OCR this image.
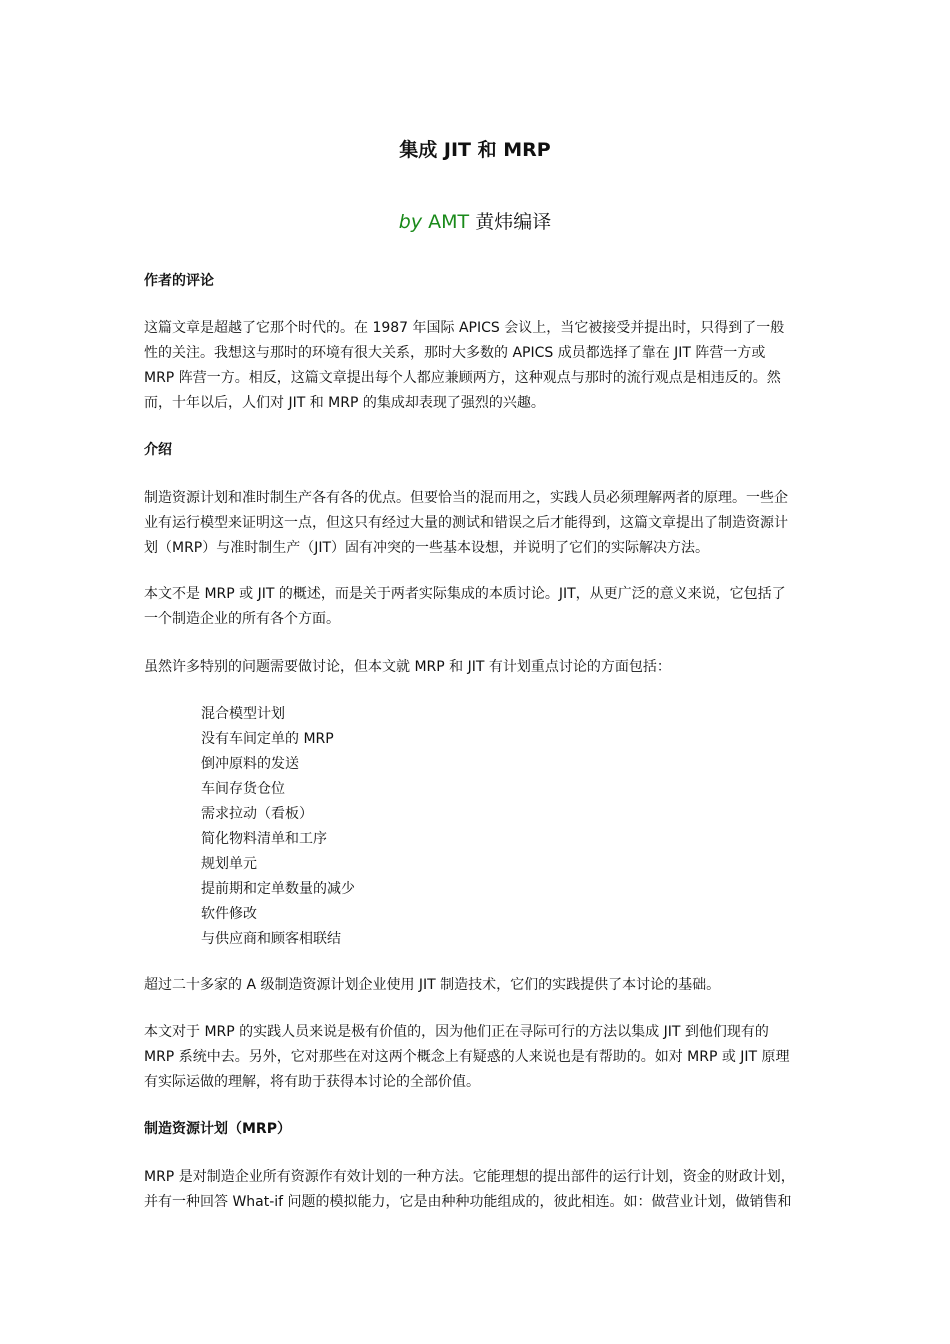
集成 JIT 和 MRP
by AMT 黄炜编译
作者的评论
这篇文章是超越了它那个时代的。在 1987 年国际 APICS 会议上，当它被接受并提出时，只得到了一般
性的关注。我想这与那时的环境有很大关系，那时大多数的 APICS 成员都选择了靠在 JIT 阵营一方或
MRP 阵营一方。相反，这篇文章提出每个人都应兼顾两方，这种观点与那时的流行观点是相违反的。然
而，十年以后，人们对 JIT 和 MRP 的集成却表现了强烈的兴趣。
介绍
制造资源计划和准时制生产各有各的优点。但要恰当的混而用之，实践人员必须理解两者的原理。一些企
业有运行模型来证明这一点，但这只有经过大量的测试和错误之后才能得到，这篇文章提出了制造资源计
划（MRP）与准时制生产（JIT）固有冲突的一些基本设想，并说明了它们的实际解决方法。
本文不是 MRP 或 JIT 的概述，而是关于两者实际集成的本质讨论。JIT，从更广泛的意义来说，它包括了
一个制造企业的所有各个方面。
虽然许多特别的问题需要做讨论，但本文就 MRP 和 JIT 有计划重点讨论的方面包括：
混合模型计划
没有车间定单的 MRP
倒冲原料的发送
车间存货仓位
需求拉动（看板）
简化物料清单和工序
规划单元
提前期和定单数量的减少
软件修改
与供应商和顾客相联结
超过二十多家的 A 级制造资源计划企业使用 JIT 制造技术，它们的实践提供了本讨论的基础。
本文对于 MRP 的实践人员来说是极有价值的，因为他们正在寻际可行的方法以集成 JIT 到他们现有的
MRP 系统中去。另外，它对那些在对这两个概念上有疑惑的人来说也是有帮助的。如对 MRP 或 JIT 原理
有实际运做的理解，将有助于获得本讨论的全部价值。
制造资源计划（MRP）
MRP 是对制造企业所有资源作有效计划的一种方法。它能理想的提出部件的运行计划，资金的财政计划，
并有一种回答 What-if 问题的模拟能力，它是由种种功能组成的，彼此相连。如：做营业计划，做销售和
